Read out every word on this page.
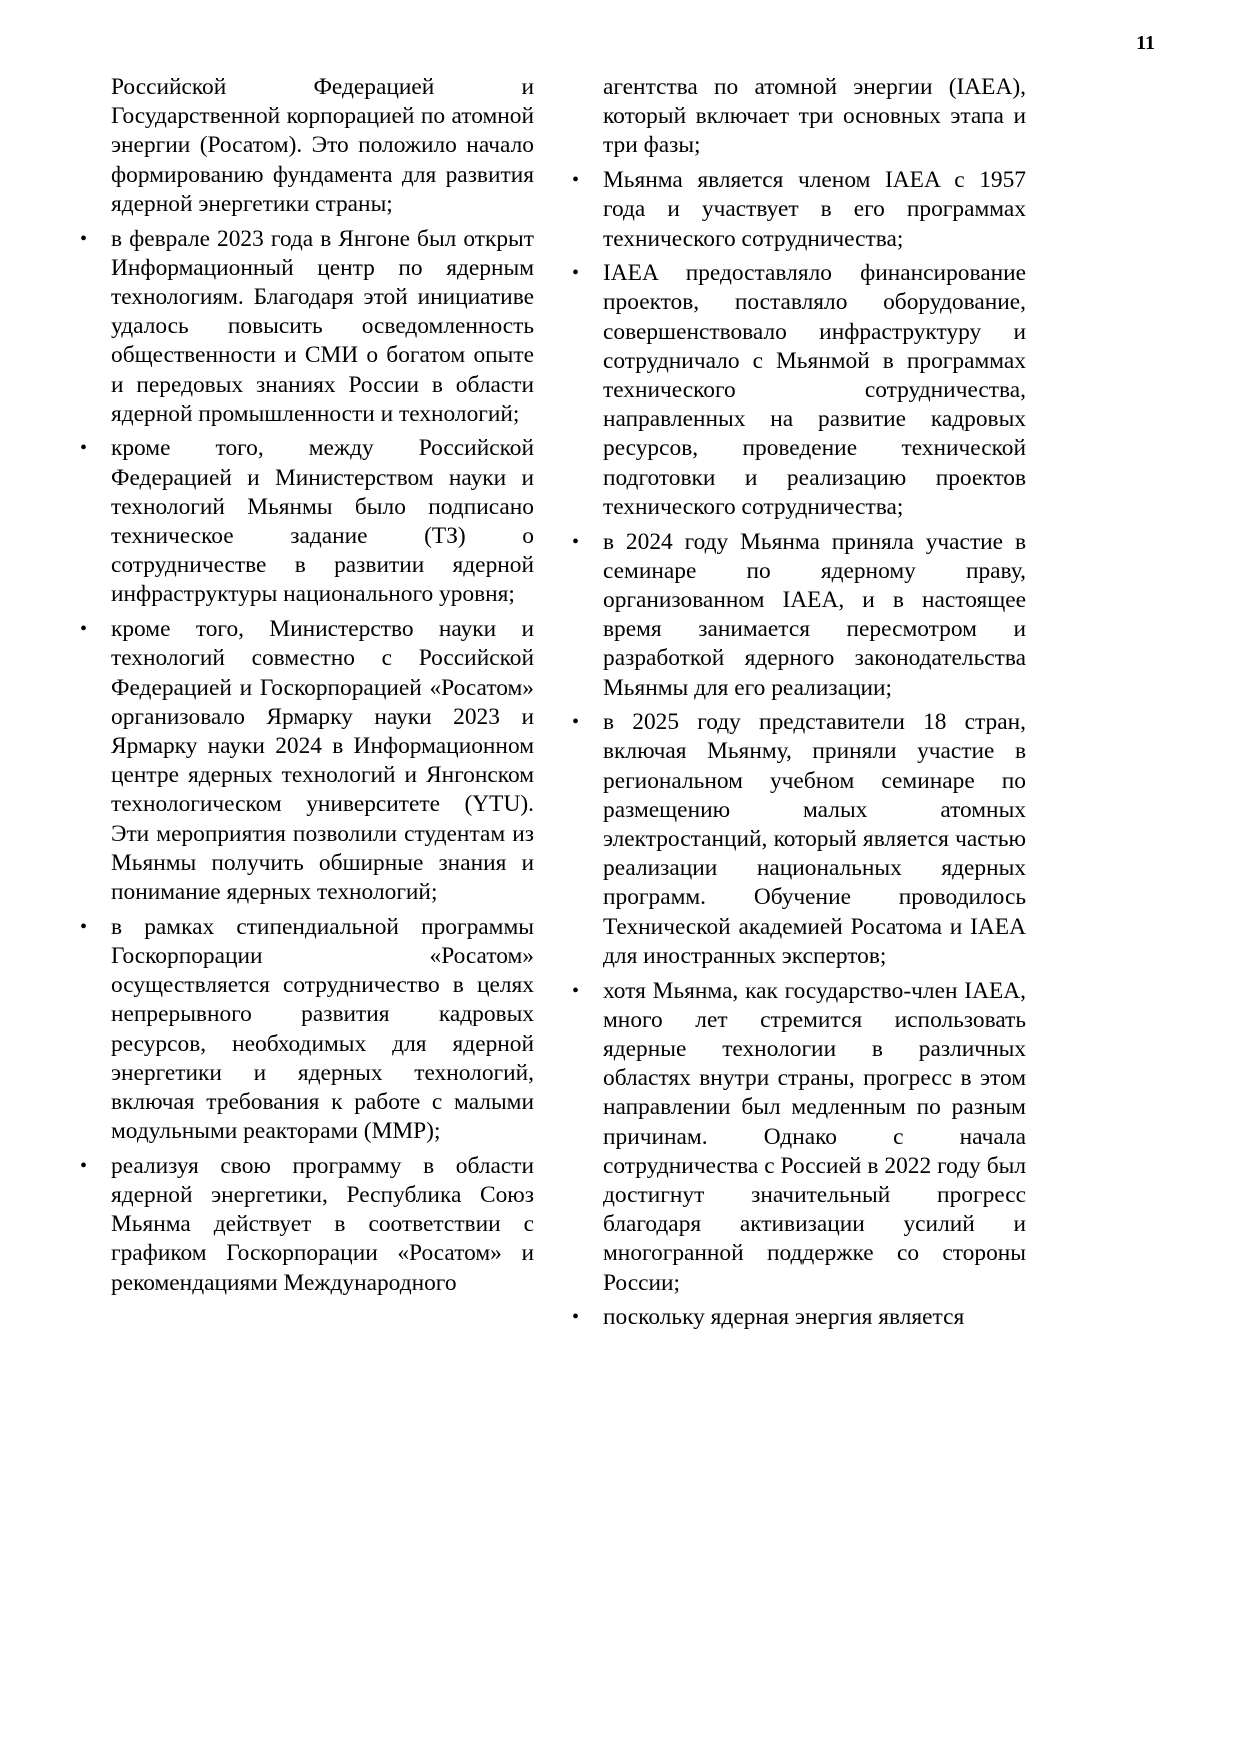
11

Российской Федерацией и Государственной корпорацией по атомной энергии (Росатом). Это положило начало формированию фундамента для развития ядерной энергетики страны;

• в феврале 2023 года в Янгоне был открыт Информационный центр по ядерным технологиям. Благодаря этой инициативе удалось повысить осведомленность общественности и СМИ о богатом опыте и передовых знаниях России в области ядерной промышленности и технологий;
• кроме того, между Российской Федерацией и Министерством науки и технологий Мьянмы было подписано техническое задание (ТЗ) о сотрудничестве в развитии ядерной инфраструктуры национального уровня;
• кроме того, Министерство науки и технологий совместно с Российской Федерацией и Госкорпорацией «Росатом» организовало Ярмарку науки 2023 и Ярмарку науки 2024 в Информационном центре ядерных технологий и Янгонском технологическом университете (YTU). Эти мероприятия позволили студентам из Мьянмы получить обширные знания и понимание ядерных технологий;
• в рамках стипендиальной программы Госкорпорации «Росатом» осуществляется сотрудничество в целях непрерывного развития кадровых ресурсов, необходимых для ядерной энергетики и ядерных технологий, включая требования к работе с малыми модульными реакторами (ММР);
• реализуя свою программу в области ядерной энергетики, Республика Союз Мьянма действует в соответствии с графиком Госкорпорации «Росатом» и рекомендациями Международного

агентства по атомной энергии (IAEA), который включает три основных этапа и три фазы;

• Мьянма является членом IAEA с 1957 года и участвует в его программах технического сотрудничества;
• IAEA предоставляло финансирование проектов, поставляло оборудование, совершенствовало инфраструктуру и сотрудничало с Мьянмой в программах технического сотрудничества, направленных на развитие кадровых ресурсов, проведение технической подготовки и реализацию проектов технического сотрудничества;
• в 2024 году Мьянма приняла участие в семинаре по ядерному праву, организованном IAEA, и в настоящее время занимается пересмотром и разработкой ядерного законодательства Мьянмы для его реализации;
• в 2025 году представители 18 стран, включая Мьянму, приняли участие в региональном учебном семинаре по размещению малых атомных электростанций, который является частью реализации национальных ядерных программ. Обучение проводилось Технической академией Росатома и IAEA для иностранных экспертов;
• хотя Мьянма, как государство-член IAEA, много лет стремится использовать ядерные технологии в различных областях внутри страны, прогресс в этом направлении был медленным по разным причинам. Однако с начала сотрудничества с Россией в 2022 году был достигнут значительный прогресс благодаря активизации усилий и многогранной поддержке со стороны России;
• поскольку ядерная энергия является
